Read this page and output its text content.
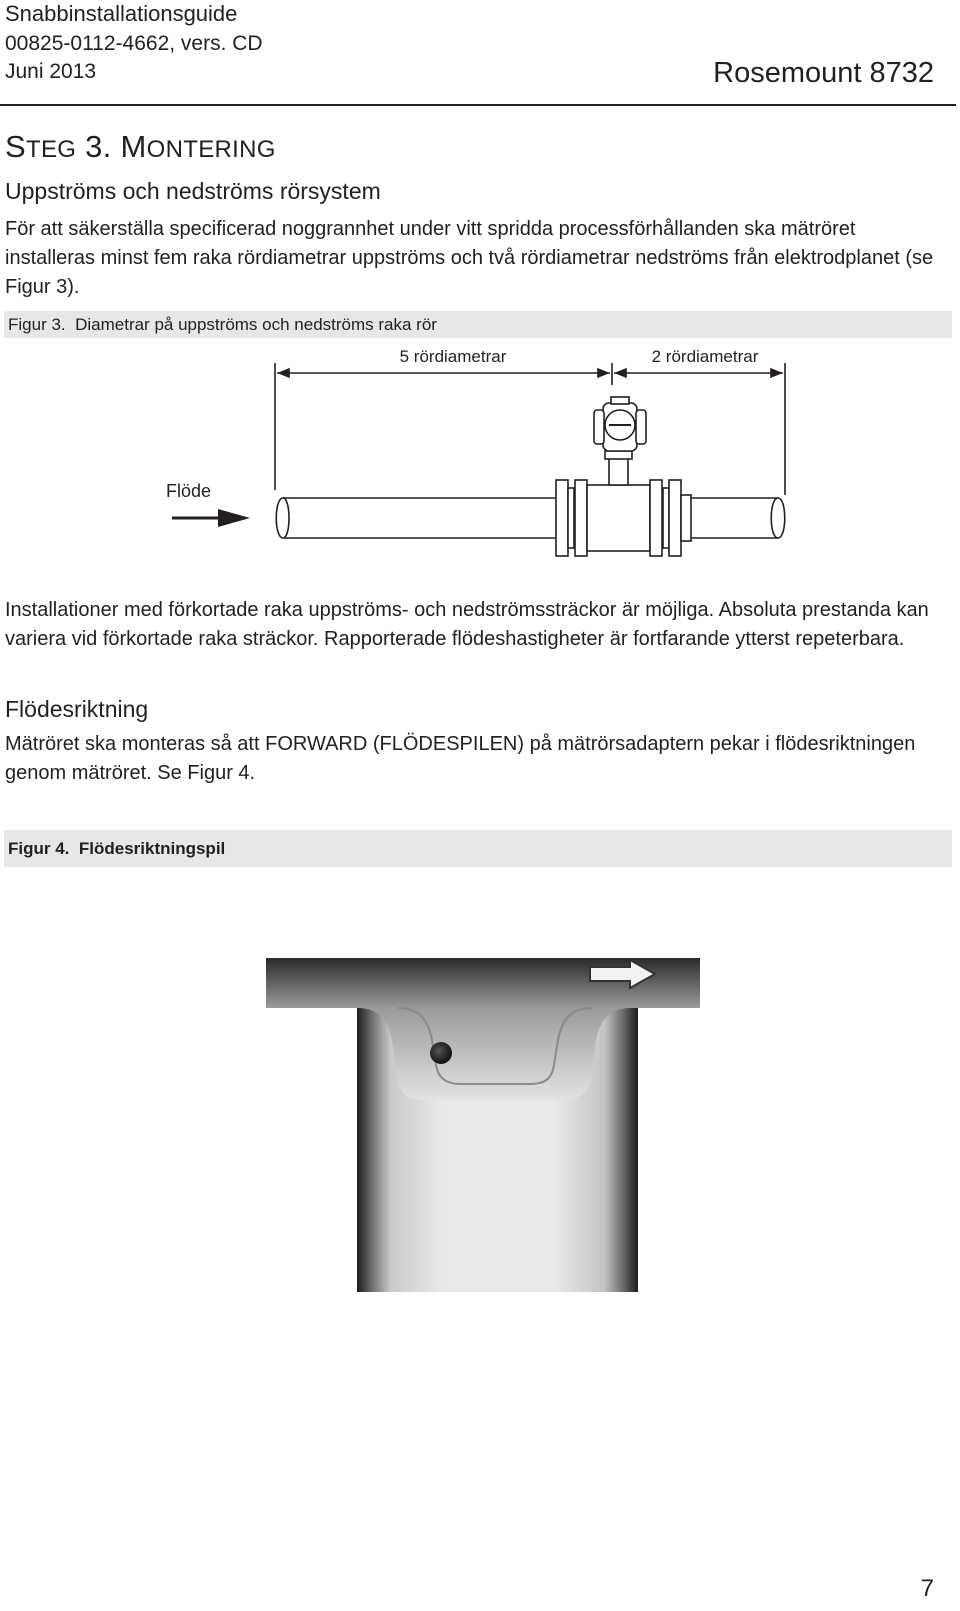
Snabbinstallationsguide
00825-0112-4662, vers. CD
Juni 2013	Rosemount 8732
STEG 3. MONTERING
Uppströms och nedströms rörsystem
För att säkerställa specificerad noggrannhet under vitt spridda processförhållanden ska mätröret installeras minst fem raka rördiametrar uppströms och två rördiametrar nedströms från elektrodplanet (se Figur 3).
Figur 3. Diametrar på uppströms och nedströms raka rör
5 rördiametrar	2 rördiametrar
Flöde
Installationer med förkortade raka uppströms- och nedströmssträckor är möjliga. Absoluta prestanda kan variera vid förkortade raka sträckor. Rapporterade flödeshastigheter är fortfarande ytterst repeterbara.
Flödesriktning
Mätröret ska monteras så att FORWARD (FLÖDESPILEN) på mätrörsadaptern pekar i flödesriktningen genom mätröret. Se Figur 4.
Figur 4. Flödesriktningspil
7
